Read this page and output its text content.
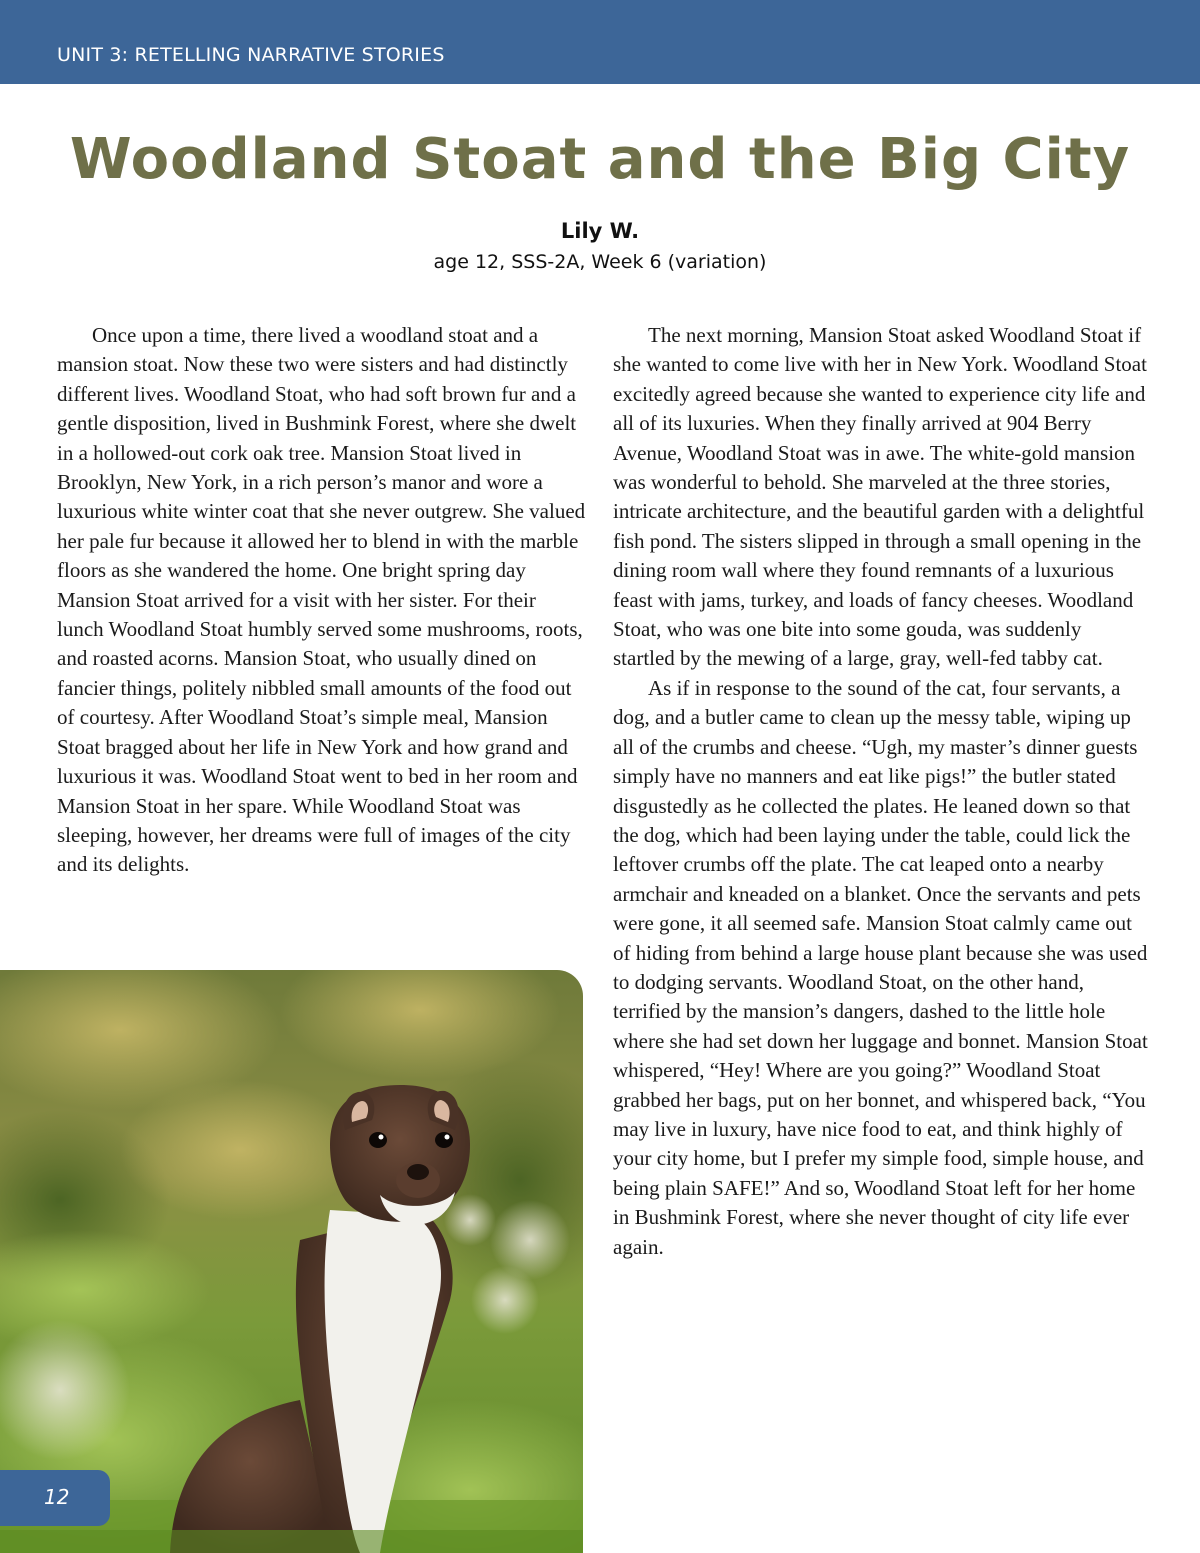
UNIT 3: RETELLING NARRATIVE STORIES
Woodland Stoat and the Big City
Lily W.
age 12, SSS-2A, Week 6 (variation)

Once upon a time, there lived a woodland stoat and a mansion stoat. Now these two were sisters and had distinctly different lives. Woodland Stoat, who had soft brown fur and a gentle disposition, lived in Bushmink Forest, where she dwelt in a hollowed-out cork oak tree. Mansion Stoat lived in Brooklyn, New York, in a rich person’s manor and wore a luxurious white winter coat that she never outgrew. She valued her pale fur because it allowed her to blend in with the marble floors as she wandered the home. One bright spring day Mansion Stoat arrived for a visit with her sister. For their lunch Woodland Stoat humbly served some mushrooms, roots, and roasted acorns. Mansion Stoat, who usually dined on fancier things, politely nibbled small amounts of the food out of courtesy. After Woodland Stoat’s simple meal, Mansion Stoat bragged about her life in New York and how grand and luxurious it was. Woodland Stoat went to bed in her room and Mansion Stoat in her spare. While Woodland Stoat was sleeping, however, her dreams were full of images of the city and its delights.

The next morning, Mansion Stoat asked Woodland Stoat if she wanted to come live with her in New York. Woodland Stoat excitedly agreed because she wanted to experience city life and all of its luxuries. When they finally arrived at 904 Berry Avenue, Woodland Stoat was in awe. The white-gold mansion was wonderful to behold. She marveled at the three stories, intricate architecture, and the beautiful garden with a delightful fish pond. The sisters slipped in through a small opening in the dining room wall where they found remnants of a luxurious feast with jams, turkey, and loads of fancy cheeses. Woodland Stoat, who was one bite into some gouda, was suddenly startled by the mewing of a large, gray, well-fed tabby cat.

As if in response to the sound of the cat, four servants, a dog, and a butler came to clean up the messy table, wiping up all of the crumbs and cheese. “Ugh, my master’s dinner guests simply have no manners and eat like pigs!” the butler stated disgustedly as he collected the plates. He leaned down so that the dog, which had been laying under the table, could lick the leftover crumbs off the plate. The cat leaped onto a nearby armchair and kneaded on a blanket. Once the servants and pets were gone, it all seemed safe. Mansion Stoat calmly came out of hiding from behind a large house plant because she was used to dodging servants. Woodland Stoat, on the other hand, terrified by the mansion’s dangers, dashed to the little hole where she had set down her luggage and bonnet. Mansion Stoat whispered, “Hey! Where are you going?” Woodland Stoat grabbed her bags, put on her bonnet, and whispered back, “You may live in luxury, have nice food to eat, and think highly of your city home, but I prefer my simple food, simple house, and being plain SAFE!” And so, Woodland Stoat left for her home in Bushmink Forest, where she never thought of city life ever again.

12
